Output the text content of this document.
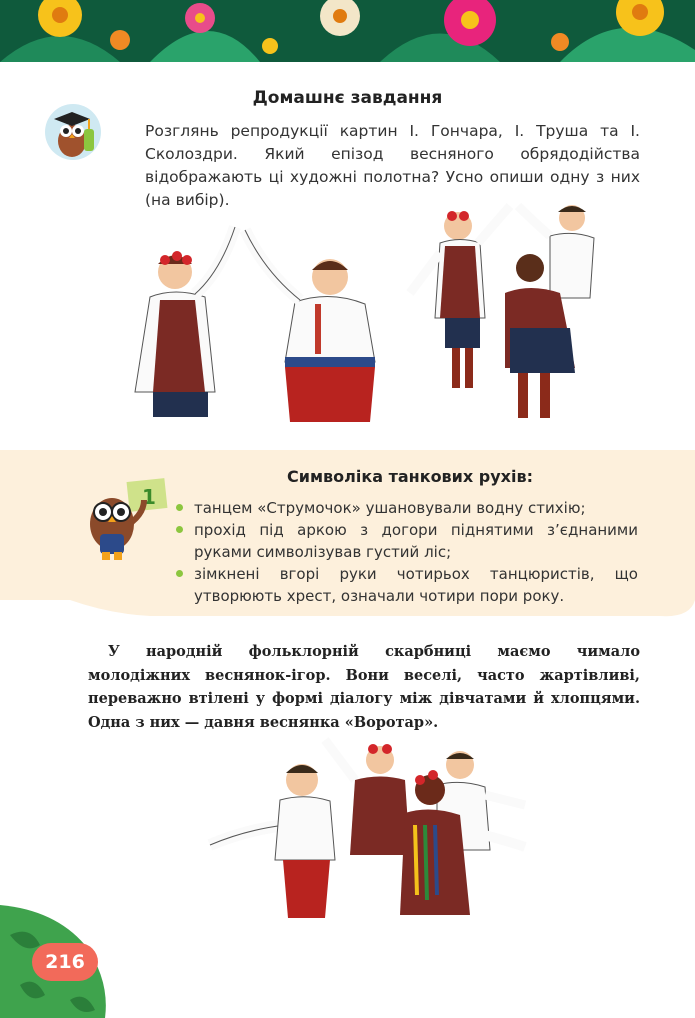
Домашнє завдання

Розглянь репродукції картин І. Гончара, І. Труша та І. Сколоздри. Який епізод весняного обрядодійства відображають ці художні полотна? Усно опиши одну з них (на вибір).

1
Символіка танкових рухів:
танцем «Струмочок» ушановували водну стихію;
прохід під аркою з догори піднятими з’єднаними руками символізував густий ліс;
зімкнені вгорі руки чотирьох танцюристів, що утворюють хрест, означали чотири пори року.

У народній фольклорній скарбниці маємо чимало молодіжних веснянок-ігор. Вони веселі, часто жартівливі, переважно втілені у формі діалогу між дівчатами й хлопцями. Одна з них — давня веснянка «Воротар».

216
